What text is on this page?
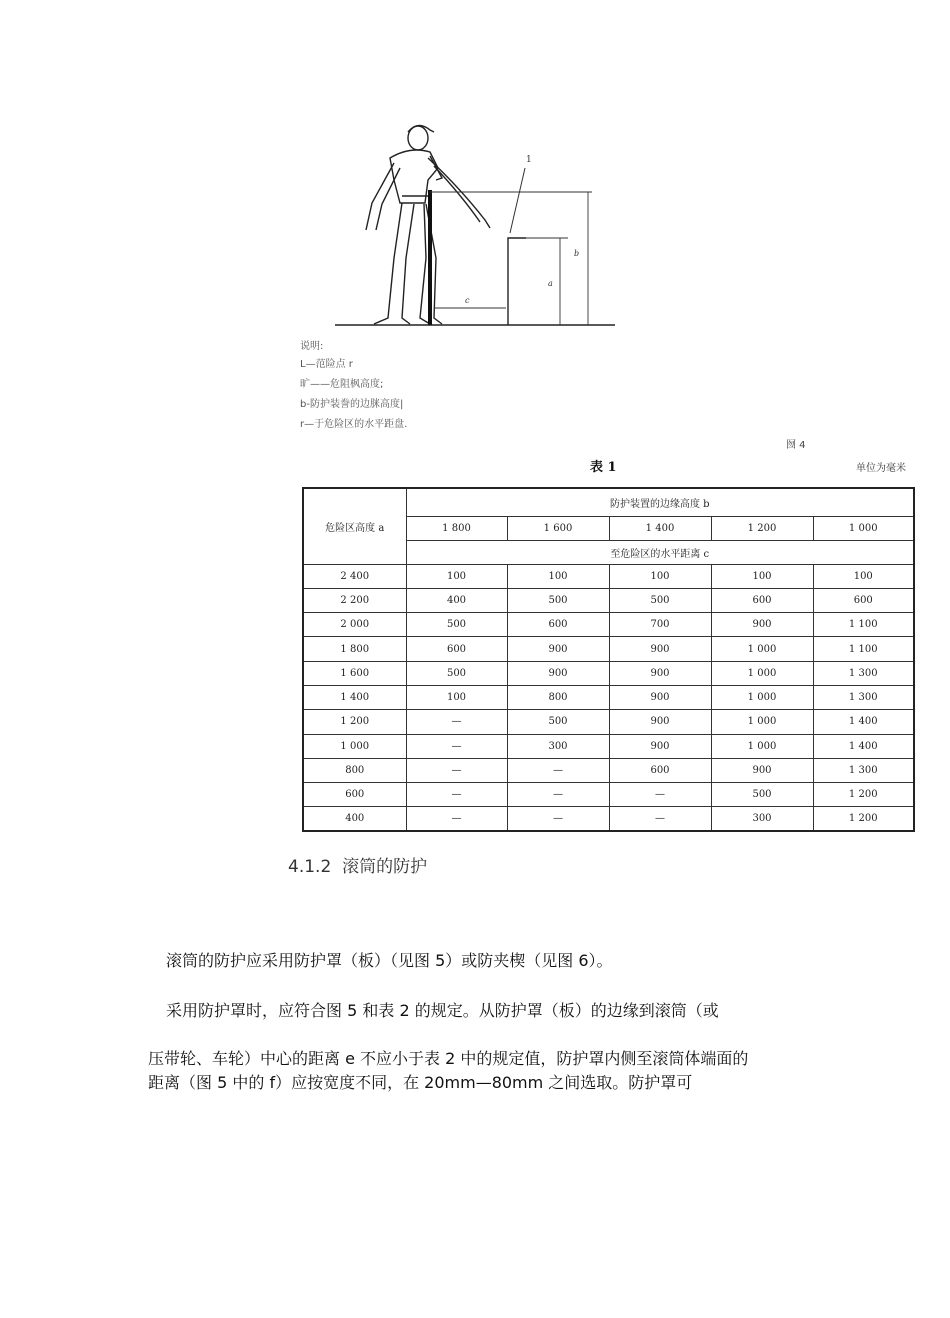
1
c
a
b
说明:
L—范险点 r
旷——危阻枫高度;
b-防护装誊的边脒高度|
r—于危险区的水平距盘.
囫 4
表 1	单位为毫米
危险区高度 a	防护装置的边缘高度 b				
	1 800	1 600	1 400	1 200	1 000
	至危险区的水平距离 c				
2 400	100	100	100	100	100
2 200	400	500	500	600	600
2 000	500	600	700	900	1 100
1 800	600	900	900	1 000	1 100
1 600	500	900	900	1 000	1 300
1 400	100	800	900	1 000	1 300
1 200	—	500	900	1 000	1 400
1 000	—	300	900	1 000	1 400
800	—	—	600	900	1 300
600	—	—	—	500	1 200
400	—	—	—	300	1 200
4.1.2 滚筒的防护
滚筒的防护应采用防护罩（板）（见图 5）或防夹楔（见图 6）。
采用防护罩时，应符合图 5 和表 2 的规定。从防护罩（板）的边缘到滚筒（或
压带轮、车轮）中心的距离 e 不应小于表 2 中的规定值，防护罩内侧至滚筒体端面的
距离（图 5 中的 f）应按宽度不同，在 20mm—80mm 之间选取。防护罩可
